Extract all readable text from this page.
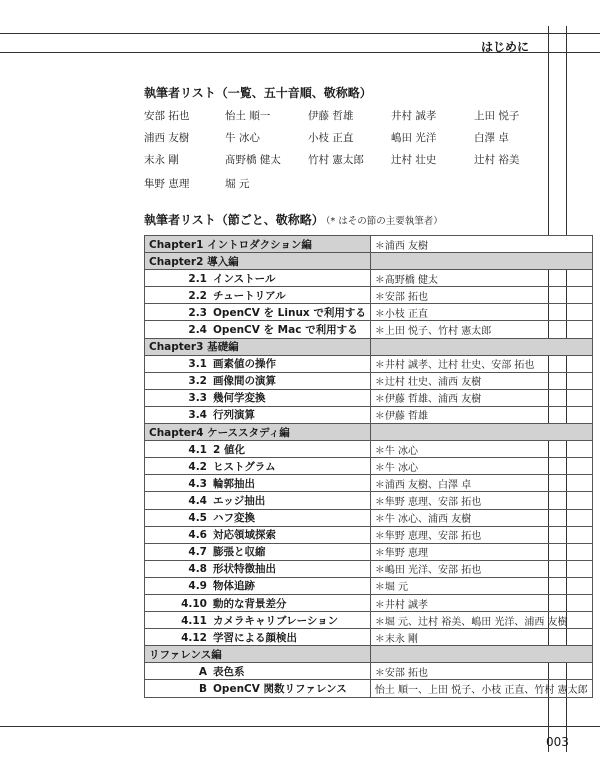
はじめに
執筆者リスト（一覧、五十音順、敬称略）
安部 拓也	怡土 順一	伊藤 哲雄	井村 誠孝	上田 悦子
浦西 友樹	牛 冰心	小枝 正直	嶋田 光洋	白澤 卓
末永 剛	髙野橋 健太	竹村 憲太郎	辻村 壮史	辻村 裕美
隼野 恵理	堀 元
執筆者リスト（節ごと、敬称略） （* はその節の主要執筆者）
Chapter1 イントロダクション編	＊浦西 友樹
Chapter2 導入編	
2.1 インストール	＊髙野橋 健太
2.2 チュートリアル	＊安部 拓也
2.3 OpenCV を Linux で利用する	＊小枝 正直
2.4 OpenCV を Mac で利用する	＊上田 悦子、竹村 憲太郎
Chapter3 基礎編	
3.1 画素値の操作	＊井村 誠孝、辻村 壮史、安部 拓也
3.2 画像間の演算	＊辻村 壮史、浦西 友樹
3.3 幾何学変換	＊伊藤 哲雄、浦西 友樹
3.4 行列演算	＊伊藤 哲雄
Chapter4 ケーススタディ編	
4.1 2 値化	＊牛 冰心
4.2 ヒストグラム	＊牛 冰心
4.3 輪郭抽出	＊浦西 友樹、白澤 卓
4.4 エッジ抽出	＊隼野 恵理、安部 拓也
4.5 ハフ変換	＊牛 冰心、浦西 友樹
4.6 対応領域探索	＊隼野 恵理、安部 拓也
4.7 膨張と収縮	＊隼野 恵理
4.8 形状特徴抽出	＊嶋田 光洋、安部 拓也
4.9 物体追跡	＊堀 元
4.10 動的な背景差分	＊井村 誠孝
4.11 カメラキャリブレーション	＊堀 元、辻村 裕美、嶋田 光洋、浦西 友樹
4.12 学習による顔検出	＊末永 剛
リファレンス編	
A 表色系	＊安部 拓也
B OpenCV 関数リファレンス	怡土 順一、上田 悦子、小枝 正直、竹村 憲太郎
003
